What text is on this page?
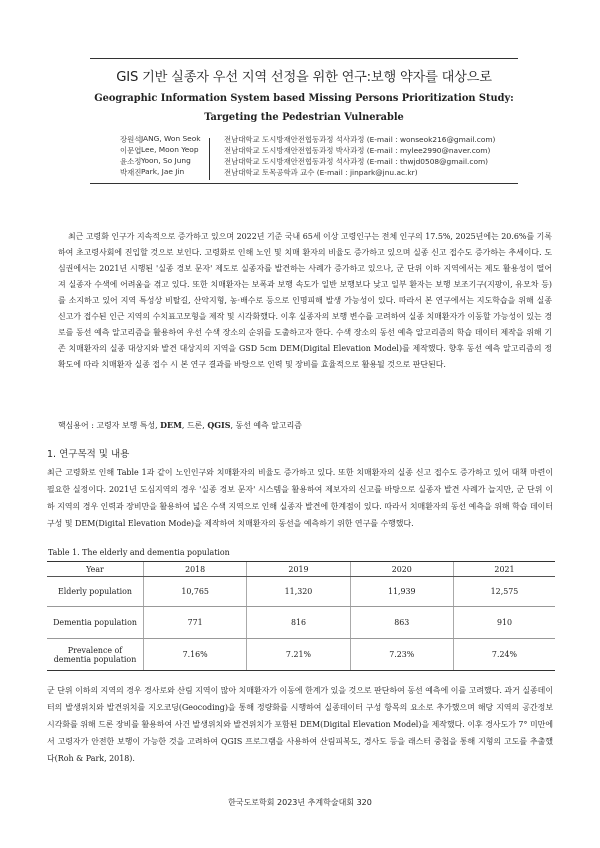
GIS 기반 실종자 우선 지역 선정을 위한 연구:보행 약자를 대상으로
Geographic Information System based Missing Persons Prioritization Study:
Targeting the Pedestrian Vulnerable
장원석 JANG, Won Seok	전남대학교 도시방재안전협동과정 석사과정 (E-mail : wonseok216@gmail.com)
이문엽 Lee, Moon Yeop	전남대학교 도시방재안전협동과정 박사과정 (E-mail : mylee2990@naver.com)
윤소정 Yoon, So Jung	전남대학교 도시방재안전협동과정 석사과정 (E-mail : thwjd0508@gmail.com)
박재진 Park, Jae Jin	전남대학교 토목공학과 교수 (E-mail : jinpark@jnu.ac.kr)

최근 고령화 인구가 지속적으로 증가하고 있으며 2022년 기준 국내 65세 이상 고령인구는 전체 인구의 17.5%, 2025년에는 20.6%를 기록하여 초고령사회에 진입할 것으로 보인다. 고령화로 인해 노인 및 치매 환자의 비율도 증가하고 있으며 실종 신고 접수도 증가하는 추세이다. 도심권에서는 2021년 시행된 '실종 경보 문자' 제도로 실종자를 발견하는 사례가 증가하고 있으나, 군 단위 이하 지역에서는 제도 활용성이 떨어져 실종자 수색에 어려움을 겪고 있다. 또한 치매환자는 보폭과 보행 속도가 일반 보행보다 낮고 일부 환자는 보행 보조기구(지팡이, 유모차 등)를 소지하고 있어 지역 특성상 비탈길, 산악지형, 농·배수로 등으로 인명피해 발생 가능성이 있다. 따라서 본 연구에서는 지도학습을 위해 실종 신고가 접수된 인근 지역의 수치표고모형을 제작 및 시각화했다. 이후 실종자의 보행 변수를 고려하여 실종 치매환자가 이동할 가능성이 있는 경로를 동선 예측 알고리즘을 활용하여 우선 수색 장소의 순위를 도출하고자 한다. 수색 장소의 동선 예측 알고리즘의 학습 데이터 제작을 위해 기존 치매환자의 실종 대상지와 발견 대상지의 지역을 GSD 5cm DEM(Digital Elevation Model)를 제작했다. 향후 동선 예측 알고리즘의 정확도에 따라 치매환자 실종 접수 시 본 연구 결과를 바탕으로 인력 및 장비를 효율적으로 활용될 것으로 판단된다.

핵심용어 : 고령자 보행 특성, DEM, 드론, QGIS, 동선 예측 알고리즘
1. 연구목적 및 내용

최근 고령화로 인해 Table 1과 같이 노인인구와 치매환자의 비율도 증가하고 있다. 또한 치매환자의 실종 신고 접수도 증가하고 있어 대책 마련이 필요한 실정이다. 2021년 도심지역의 경우 '실종 경보 문자' 시스템을 활용하여 제보자의 신고를 바탕으로 실종자 발견 사례가 늘지만, 군 단위 이하 지역의 경우 인력과 장비만을 활용하여 넓은 수색 지역으로 인해 실종자 발견에 한계점이 있다. 따라서 치매환자의 동선 예측을 위해 학습 데이터 구성 및 DEM(Digital Elevation Mode)을 제작하여 치매환자의 동선을 예측하기 위한 연구를 수행했다.

Table 1. The elderly and dementia population
Year	2018	2019	2020	2021
Elderly population	10,765	11,320	11,939	12,575
Dementia population	771	816	863	910

Prevalence of
dementia population	7.16%	7.21%	7.23%	7.24%

군 단위 이하의 지역의 경우 경사로와 산림 지역이 많아 치매환자가 이동에 한계가 있을 것으로 판단하여 동선 예측에 이를 고려했다. 과거 실종데이터의 발생위치와 발견위치를 지오코딩(Geocoding)을 통해 정량화를 시행하여 실종데이터 구성 항목의 요소로 추가했으며 해당 지역의 공간정보시각화를 위해 드론 장비를 활용하여 사건 발생위치와 발견위치가 포함된 DEM(Digital Elevation Model)을 제작했다. 이후 경사도가 7° 미만에서 고령자가 안전한 보행이 가능한 것을 고려하여 QGIS 프로그램을 사용하여 산림피복도, 경사도 등을 래스터 중첩을 통해 지형의 고도를 추출했다(Roh & Park, 2018).

한국도로학회 2023년 추계학술대회 320
